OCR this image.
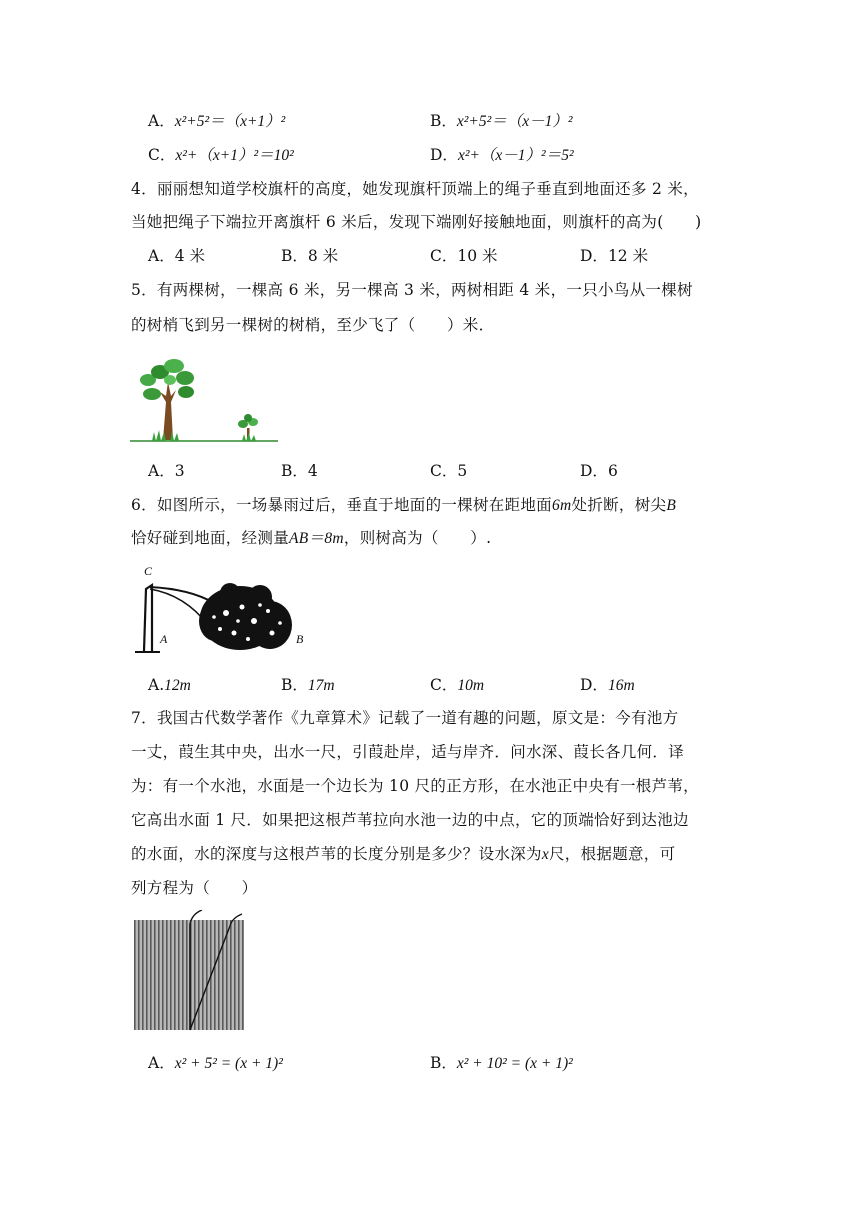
A．x²+5²＝（x+1）²	B．x²+5²＝（x－1）²
C．x²+（x+1）²＝10²	D．x²+（x－1）²＝5²
4．丽丽想知道学校旗杆的高度，她发现旗杆顶端上的绳子垂直到地面还多 2 米，
当她把绳子下端拉开离旗杆 6 米后，发现下端刚好接触地面，则旗杆的高为(　　)
A．4 米	B．8 米	C．10 米	D．12 米
5．有两棵树，一棵高 6 米，另一棵高 3 米，两树相距 4 米，一只小鸟从一棵树
的树梢飞到另一棵树的树梢，至少飞了（　　）米．
A．3	B．4	C．5	D．6
6．如图所示，一场暴雨过后，垂直于地面的一棵树在距地面6m处折断，树尖B
恰好碰到地面，经测量AB＝8m，则树高为（　　）.
C
A	B
A.12m	B．17m	C．10m	D．16m
7．我国古代数学著作《九章算术》记载了一道有趣的问题，原文是：今有池方
一丈，葭生其中央，出水一尺，引葭赴岸，适与岸齐．问水深、葭长各几何．译
为：有一个水池，水面是一个边长为 10 尺的正方形，在水池正中央有一根芦苇，
它高出水面 1 尺．如果把这根芦苇拉向水池一边的中点，它的顶端恰好到达池边
的水面，水的深度与这根芦苇的长度分别是多少？设水深为x尺，根据题意，可
列方程为（　　）
A．x² + 5² = (x + 1)²	B．x² + 10² = (x + 1)²
